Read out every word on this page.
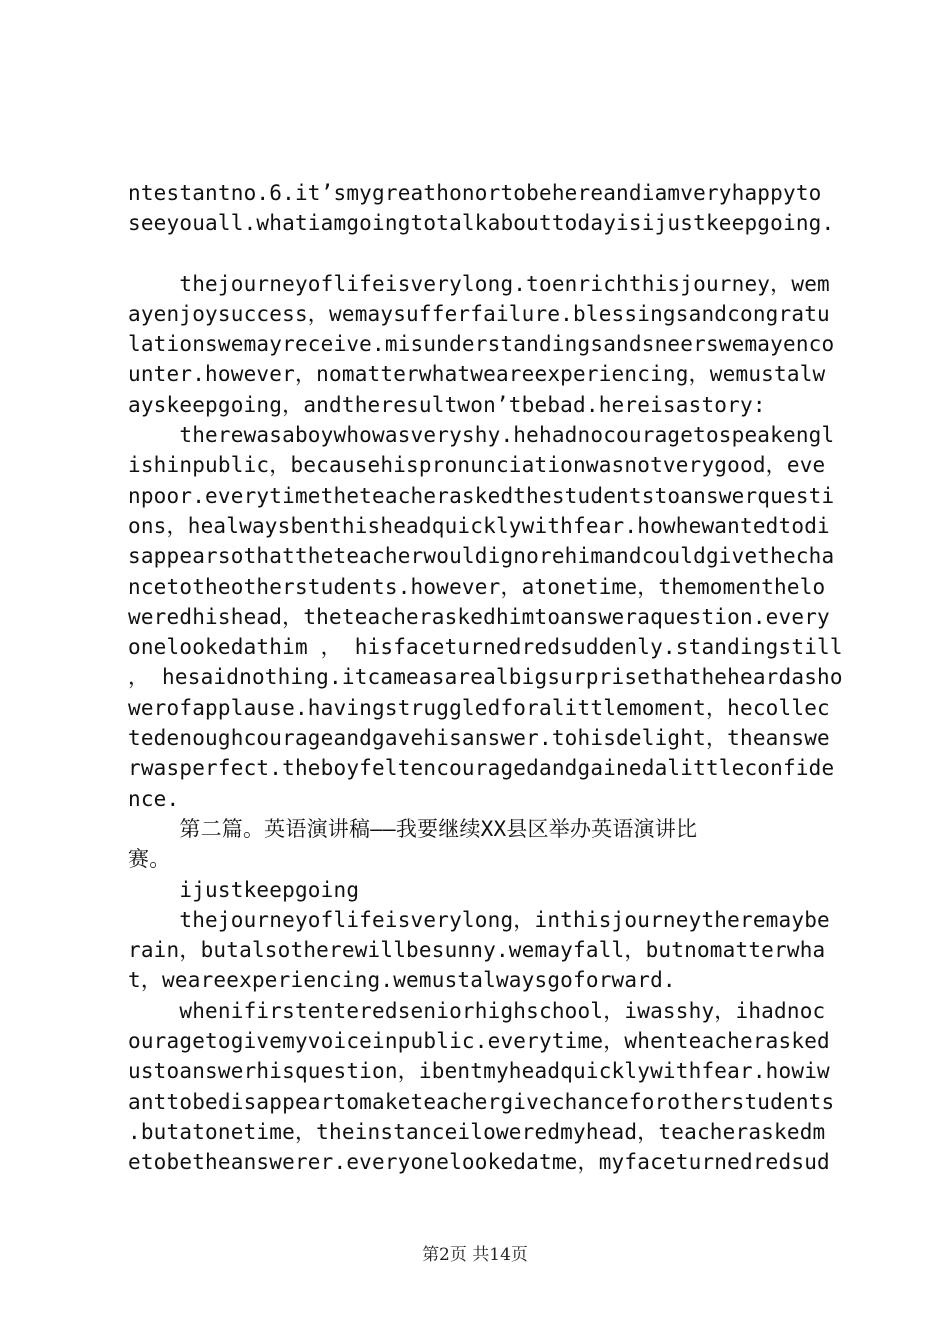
ntestantno.6.it’smygreathonortobehereandiamveryhappyto
seeyouall.whatiamgoingtotalkabouttodayisijustkeepgoing.
thejourneyoflifeisverylong.toenrichthisjourney，wem
ayenjoysuccess，wemaysufferfailure.blessingsandcongratu
lationswemayreceive.misunderstandingsandsneerswemayenco
unter.however，nomatterwhatweareexperiencing，wemustalw
ayskeepgoing，andtheresultwon’tbebad.hereisastory:
therewasaboywhowasveryshy.hehadnocouragetospeakengl
ishinpublic，becausehispronunciationwasnotverygood，eve
npoor.everytimetheteacheraskedthestudentstoanswerquesti
ons，healwaysbenthisheadquicklywithfear.howhewantedtodi
sappearsothattheteacherwouldignorehimandcouldgivethecha
ncetotheotherstudents.however，atonetime，themomenthelo
weredhishead，theteacheraskedhimtoansweraquestion.every
onelookedathim ， hisfaceturnedredsuddenly.standingstill
， hesaidnothing.itcameasarealbigsurprisethatheheardasho
werofapplause.havingstruggledforalittlemoment，hecollec
tedenoughcourageandgavehisanswer.tohisdelight，theanswe
rwasperfect.theboyfeltencouragedandgainedalittleconfide
nce.
第二篇。英语演讲稿——我要继续XX县区举办英语演讲比
赛。
ijustkeepgoing
thejourneyoflifeisverylong，inthisjourneytheremaybe
rain，butalsotherewillbesunny.wemayfall，butnomatterwha
t，weareexperiencing.wemustalwaysgoforward.
whenifirstenteredseniorhighschool，iwasshy，ihadnoc
ouragetogivemyvoiceinpublic.everytime，whenteacherasked
ustoanswerhisquestion，ibentmyheadquicklywithfear.howiw
anttobedisappeartomaketeachergivechanceforotherstudents
.butatonetime，theinstanceiloweredmyhead，teacheraskedm
etobetheanswerer.everyonelookedatme，myfaceturnedredsud
第2页 共14页
